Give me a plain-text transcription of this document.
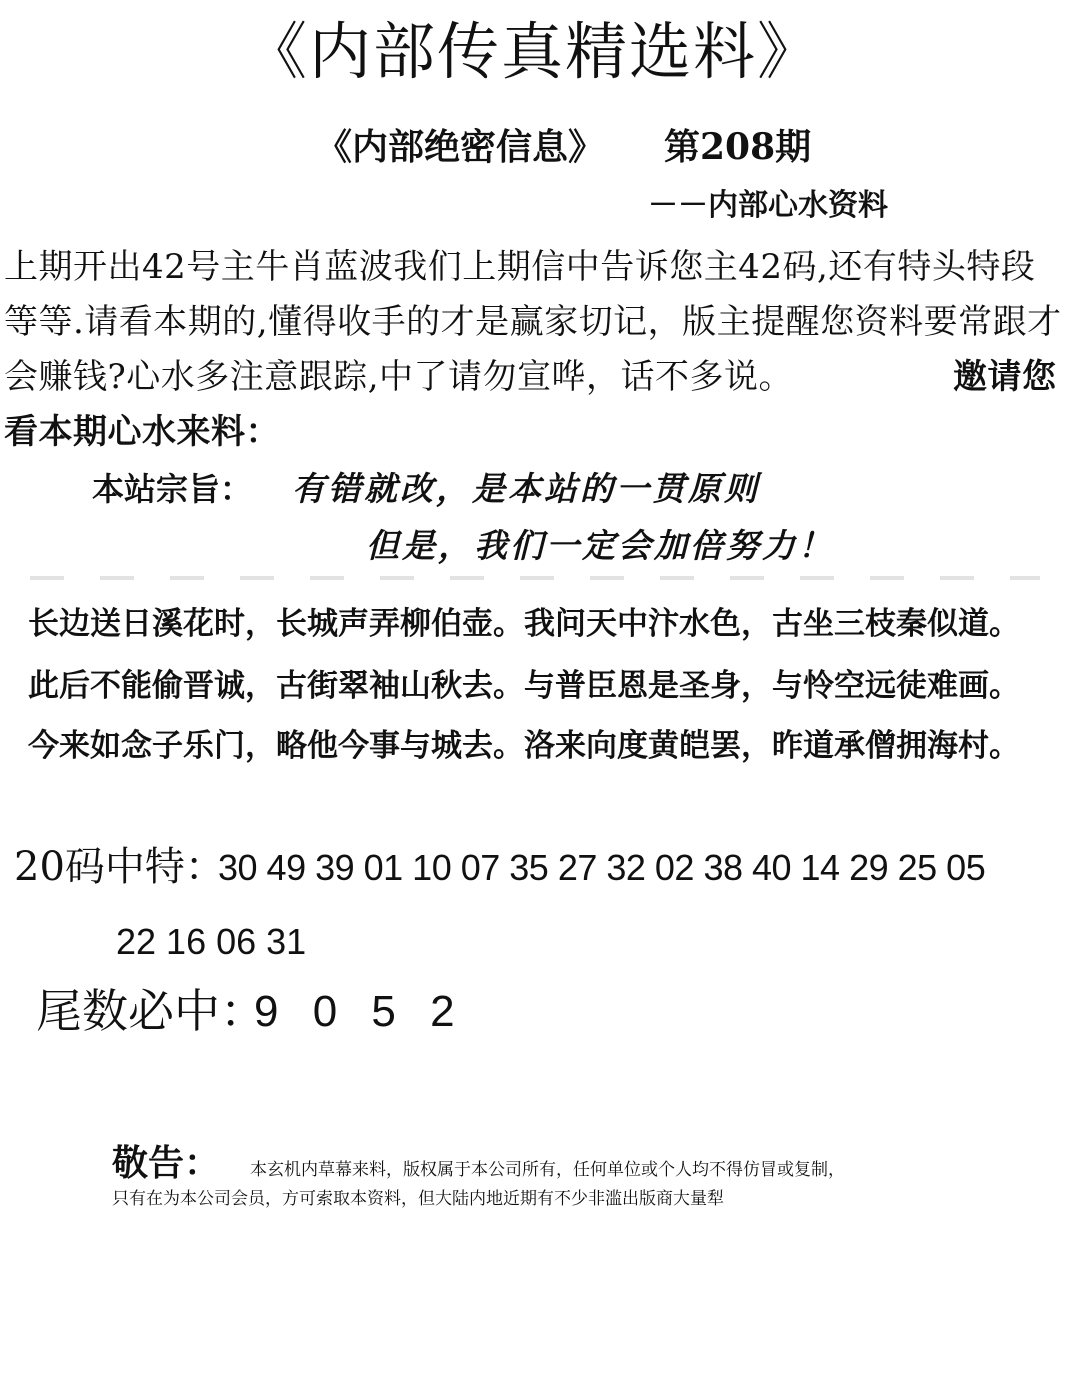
《内部传真精选料》
《内部绝密信息》 第208期
－－内部心水资料
上期开出42号主牛肖蓝波我们上期信中告诉您主42码,还有特头特段等等.请看本期的,懂得收手的才是赢家切记，版主提醒您资料要常跟才会赚钱?心水多注意跟踪,中了请勿宣哗，话不多说。	邀请您看本期心水来料：
本站宗旨： 有错就改，是本站的一贯原则
但是，我们一定会加倍努力！
长边送日溪花时，长城声弄柳伯壶。我问天中汴水色，古坐三枝秦似道。
此后不能偷晋诚，古街翠袖山秋去。与普臣恩是圣身，与怜空远徒难画。
今来如念子乐门，略他今事与城去。洛来向度黄皑罢，昨道承僧拥海村。
20码中特：
30 49 39 01 10 07 35 27 32 02 38 40 14 29 25 05
22 16 06 31
尾数必中：
9 0 5 2
敬告： 本玄机内草幕来料，版权属于本公司所有，任何单位或个人均不得仿冒或复制，
只有在为本公司会员，方可索取本资料，但大陆内地近期有不少非滥出版商大量犁
